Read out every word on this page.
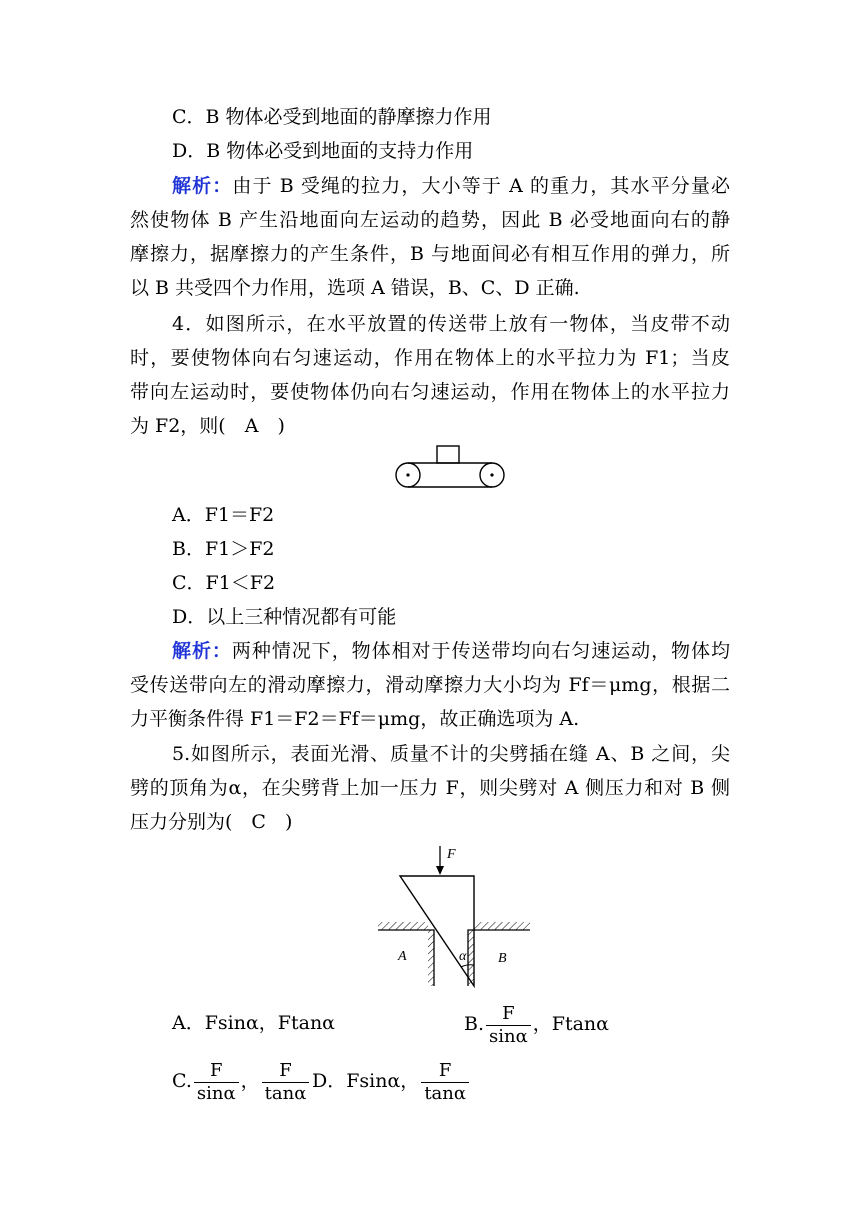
C．B 物体必受到地面的静摩擦力作用
D．B 物体必受到地面的支持力作用
解析：由于 B 受绳的拉力，大小等于 A 的重力，其水平分量必
然使物体 B 产生沿地面向左运动的趋势，因此 B 必受地面向右的静
摩擦力，据摩擦力的产生条件，B 与地面间必有相互作用的弹力，所
以 B 共受四个力作用，选项 A 错误，B、C、D 正确.
4．如图所示，在水平放置的传送带上放有一物体，当皮带不动
时，要使物体向右匀速运动，作用在物体上的水平拉力为 F1；当皮
带向左运动时，要使物体仍向右匀速运动，作用在物体上的水平拉力
为 F2，则(　A　)
A．F1＝F2
B．F1＞F2
C．F1＜F2
D．以上三种情况都有可能
解析：两种情况下，物体相对于传送带均向右匀速运动，物体均
受传送带向左的滑动摩擦力，滑动摩擦力大小均为 Ff＝μmg，根据二
力平衡条件得 F1＝F2＝Ff＝μmg，故正确选项为 A.
5.如图所示，表面光滑、质量不计的尖劈插在缝 A、B 之间，尖
劈的顶角为α，在尖劈背上加一压力 F，则尖劈对 A 侧压力和对 B 侧
压力分别为(　C　)
F
A	B
α
A．Fsinα，Ftanα	B. $\frac{F}{\sin\alpha}$ ，Ftanα
C. $\frac{F}{\sin\alpha}$ ， $\frac{F}{\tan\alpha}$ D．Fsinα， $\frac{F}{\tan\alpha}$
